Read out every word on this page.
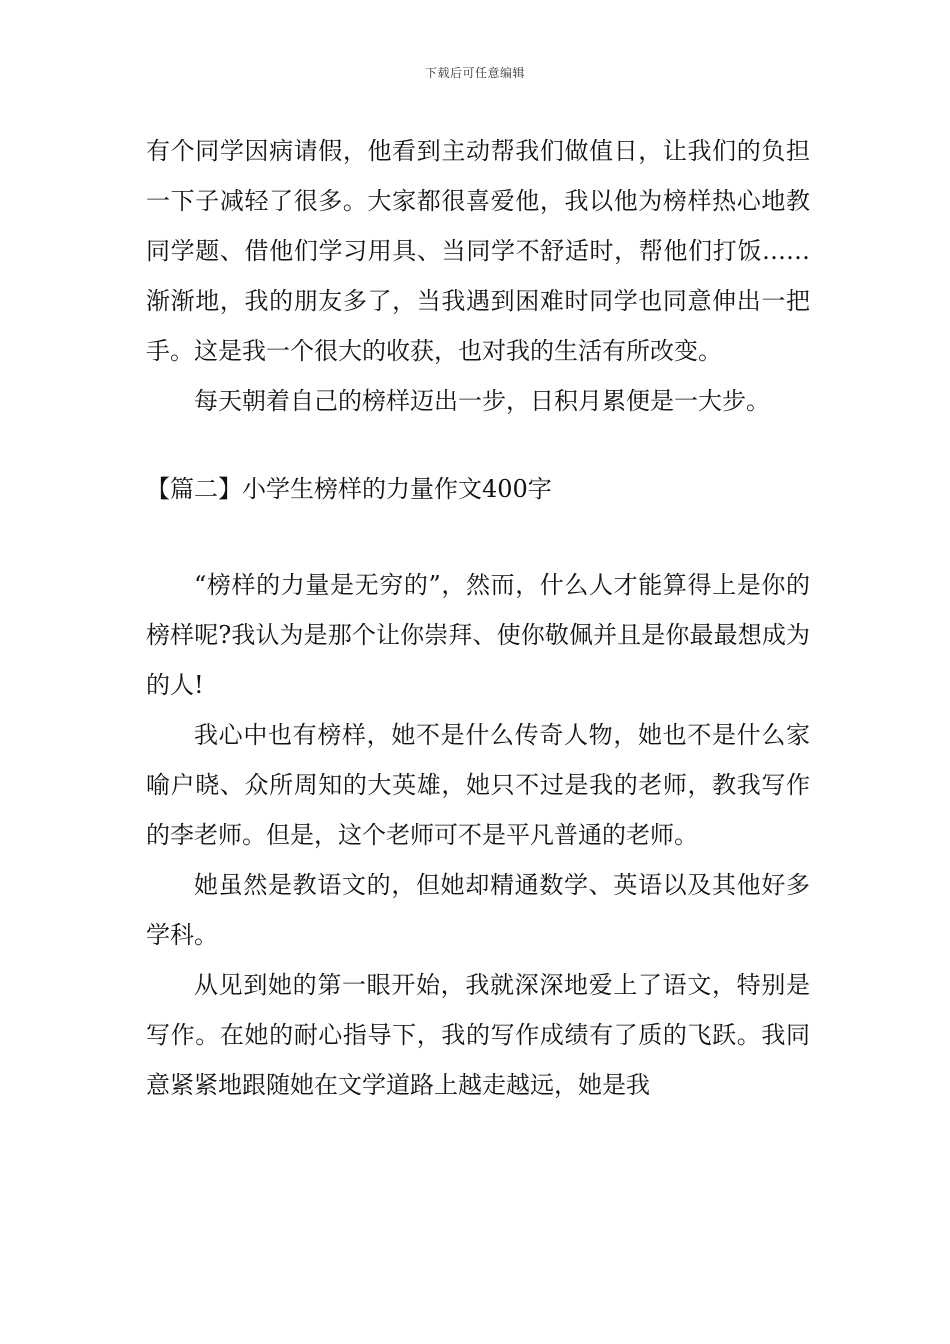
下载后可任意编辑

有个同学因病请假，他看到主动帮我们做值日，让我们的负担一下子减轻了很多。大家都很喜爱他，我以他为榜样热心地教同学题、借他们学习用具、当同学不舒适时，帮他们打饭……渐渐地，我的朋友多了，当我遇到困难时同学也同意伸出一把手。这是我一个很大的收获，也对我的生活有所改变。

每天朝着自己的榜样迈出一步，日积月累便是一大步。

【篇二】小学生榜样的力量作文400字

“榜样的力量是无穷的”，然而，什么人才能算得上是你的榜样呢?我认为是那个让你崇拜、使你敬佩并且是你最最想成为的人!

我心中也有榜样，她不是什么传奇人物，她也不是什么家喻户晓、众所周知的大英雄，她只不过是我的老师，教我写作的李老师。但是，这个老师可不是平凡普通的老师。

她虽然是教语文的，但她却精通数学、英语以及其他好多学科。

从见到她的第一眼开始，我就深深地爱上了语文，特别是写作。在她的耐心指导下，我的写作成绩有了质的飞跃。我同意紧紧地跟随她在文学道路上越走越远，她是我
